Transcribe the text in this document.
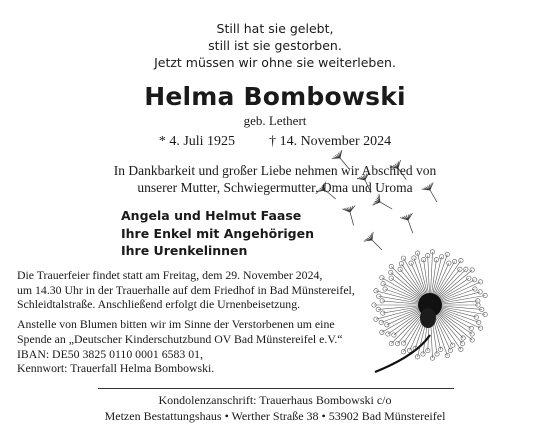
Still hat sie gelebt,
still ist sie gestorben.
Jetzt müssen wir ohne sie weiterleben.
Helma Bombowski
geb. Lethert
* 4. Juli 1925 † 14. November 2024
In Dankbarkeit und großer Liebe nehmen wir Abschied von
unserer Mutter, Schwiegermutter, Oma und Uroma
Angela und Helmut Faase
Ihre Enkel mit Angehörigen
Ihre Urenkelinnen

Die Trauerfeier findet statt am Freitag, dem 29. November 2024,
um 14.30 Uhr in der Trauerhalle auf dem Friedhof in Bad Münstereifel,
Schleidtalstraße. Anschließend erfolgt die Urnenbeisetzung.

Anstelle von Blumen bitten wir im Sinne der Verstorbenen um eine
Spende an „Deutscher Kinderschutzbund OV Bad Münstereifel e.V.“
IBAN: DE50 3825 0110 0001 6583 01,
Kennwort: Trauerfall Helma Bombowski.

Kondolenzanschrift: Trauerhaus Bombowski c/o
Metzen Bestattungshaus • Werther Straße 38 • 53902 Bad Münstereifel
